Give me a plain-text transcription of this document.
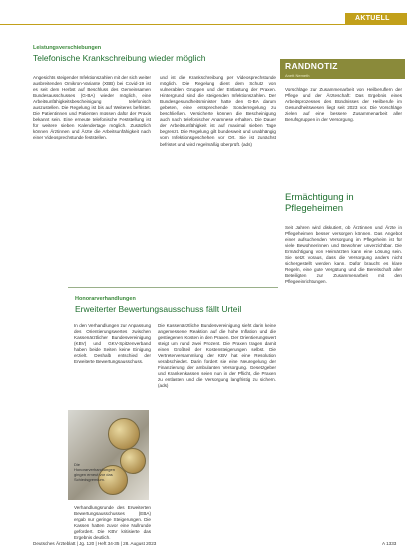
AKTUELL
Leistungsverschiebungen
Telefonische Krankschreibung wieder möglich

Angesichts steigender Infektionszahlen mit der sich weiter ausbreitenden Omikron-Variante (XBB) bei Covid-19 ist es seit dem Herbst auf Beschluss des Gemeinsamen Bundesausschusses (G-BA) wieder möglich, eine Arbeitsunfähigkeitsbescheinigung telefonisch auszustellen. Die Regelung ist bis auf Weiteres befristet. Die Patientinnen und Patienten müssen dafür der Praxis bekannt sein. Eine erneute telefonische Feststellung ist für weitere sieben Kalendertage möglich. Zusätzlich können Ärztinnen und Ärzte die Arbeitsunfähigkeit nach einer Videosprechstunde feststellen.

und ist die Krankschreibung per Videosprechstunde möglich. Die Regelung dient dem Schutz von vulnerablen Gruppen und der Entlastung der Praxen. Hintergrund sind die steigenden Infektionszahlen. Der Bundesgesundheitsminister hatte den G-BA darum gebeten, eine entsprechende Sonderregelung zu beschließen. Versicherte können die Bescheinigung auch nach telefonischer Anamnese erhalten. Die Dauer der Arbeitsunfähigkeit ist auf maximal sieben Tage begrenzt. Die Regelung gilt bundesweit und unabhängig vom Infektionsgeschehen vor Ort. Sie ist zunächst befristet und wird regelmäßig überprüft. (ads)

RANDNOTIZ
Anett Nemeth

Vorschläge zur Zusammenarbeit von Heilberuflern der Pflege und der Ärzteschaft: Das Ergebnis eines Arbeitsprozesses des Bündnisses der Heilberufe im Gesundheitswesen liegt seit 2023 vor. Die Vorschläge zielen auf eine bessere Zusammenarbeit aller Berufsgruppen in der Versorgung.

Ermächtigung in Pflegeheimen

Seit Jahren wird diskutiert, ob Ärztinnen und Ärzte in Pflegeheimen besser versorgen können. Das Angebot einer aufsuchenden Versorgung im Pflegeheim ist für viele Bewohnerinnen und Bewohner unverzichtbar. Die Ermächtigung von Heimärzten kann eine Lösung sein. Sie setzt voraus, dass die Versorgung anders nicht sichergestellt werden kann. Dafür braucht es klare Regeln, eine gute Vergütung und die Bereitschaft aller Beteiligten zur Zusammenarbeit mit den Pflegeeinrichtungen.

Honorarverhandlungen
Erweiterter Bewertungsausschuss fällt Urteil

In den Verhandlungen zur Anpassung des Orientierungswertes zwischen Kassenärztlicher Bundesvereinigung (KBV) und GKV-Spitzenverband haben beide Seiten keine Einigung erzielt. Deshalb entschied der Erweiterte Bewertungsausschuss.

Die Honorarverhandlungen gingen erneut vor das Schiedsgremium.

Verhandlungsrunde des Erweiterten Bewertungsausschusses (EBA) ergab nur geringe Steigerungen. Die Kassen hatten zuvor eine Nullrunde gefordert. Die KBV kritisierte das Ergebnis deutlich.

Die Kassenärztliche Bundesvereinigung sieht darin keine angemessene Reaktion auf die hohe Inflation und die gestiegenen Kosten in den Praxen. Der Orientierungswert steigt um rund zwei Prozent. Die Praxen tragen damit einen Großteil der Kostensteigerungen selbst. Die Vertreterversammlung der KBV hat eine Resolution verabschiedet. Darin fordert sie eine Neuregelung der Finanzierung der ambulanten Versorgung. Gesetzgeber und Krankenkassen seien nun in der Pflicht, die Praxen zu entlasten und die Versorgung langfristig zu sichern. (ads)

Deutsches Ärzteblatt | Jg. 120 | Heft 34-35 | 28. August 2023	A 1333
